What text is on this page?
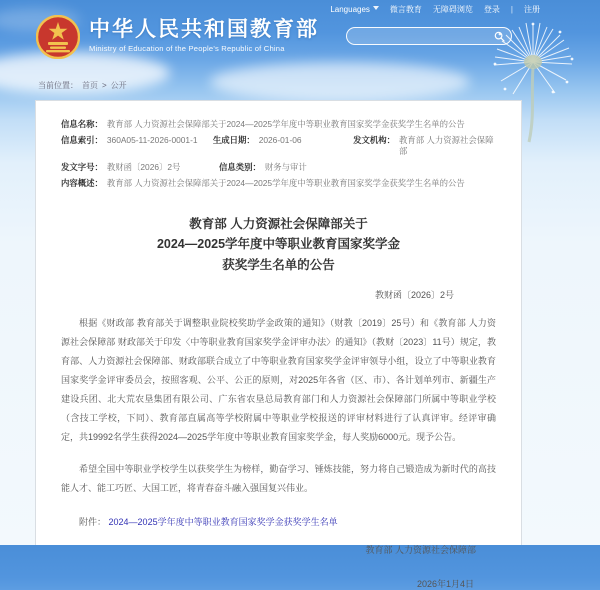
Languages	微言教育 无障碍浏览 登录 | 注册
中华人民共和国教育部
Ministry of Education of the People's Republic of China
当前位置： 首页 > 公开
信息名称： 教育部 人力资源社会保障部关于2024—2025学年度中等职业教育国家奖学金获奖学生名单的公告
信息索引： 360A05-11-2026-0001-1 生成日期： 2026-01-06	发文机构： 教育部 人力资源社会保障部
发文字号： 教财函〔2026〕2号	信息类别： 财务与审计
内容概述： 教育部 人力资源社会保障部关于2024—2025学年度中等职业教育国家奖学金获奖学生名单的公告
教育部 人力资源社会保障部关于
2024—2025学年度中等职业教育国家奖学金
获奖学生名单的公告
教财函〔2026〕2号
根据《财政部 教育部关于调整职业院校奖助学金政策的通知》（财教〔2019〕25号）和《教育部 人力资源社会保障部 财政部关于印发〈中等职业教育国家奖学金评审办法〉的通知》（教财〔2023〕11号）规定，教育部、人力资源社会保障部、财政部联合成立了中等职业教育国家奖学金评审领导小组，设立了中等职业教育国家奖学金评审委员会，按照客观、公平、公正的原则，对2025年各省（区、市）、各计划单列市、新疆生产建设兵团、北大荒农垦集团有限公司、广东省农垦总局教育部门和人力资源社会保障部门所属中等职业学校（含技工学校，下同）、教育部直属高等学校附属中等职业学校报送的评审材料进行了认真评审。经评审确定，共19992名学生获得2024—2025学年度中等职业教育国家奖学金，每人奖励6000元。现予公告。
希望全国中等职业学校学生以获奖学生为榜样，勤奋学习、锤炼技能，努力将自己锻造成为新时代的高技能人才、能工巧匠、大国工匠，将青春奋斗融入强国复兴伟业。
附件： 2024—2025学年度中等职业教育国家奖学金获奖学生名单
教育部 人力资源社会保障部
2026年1月4日
